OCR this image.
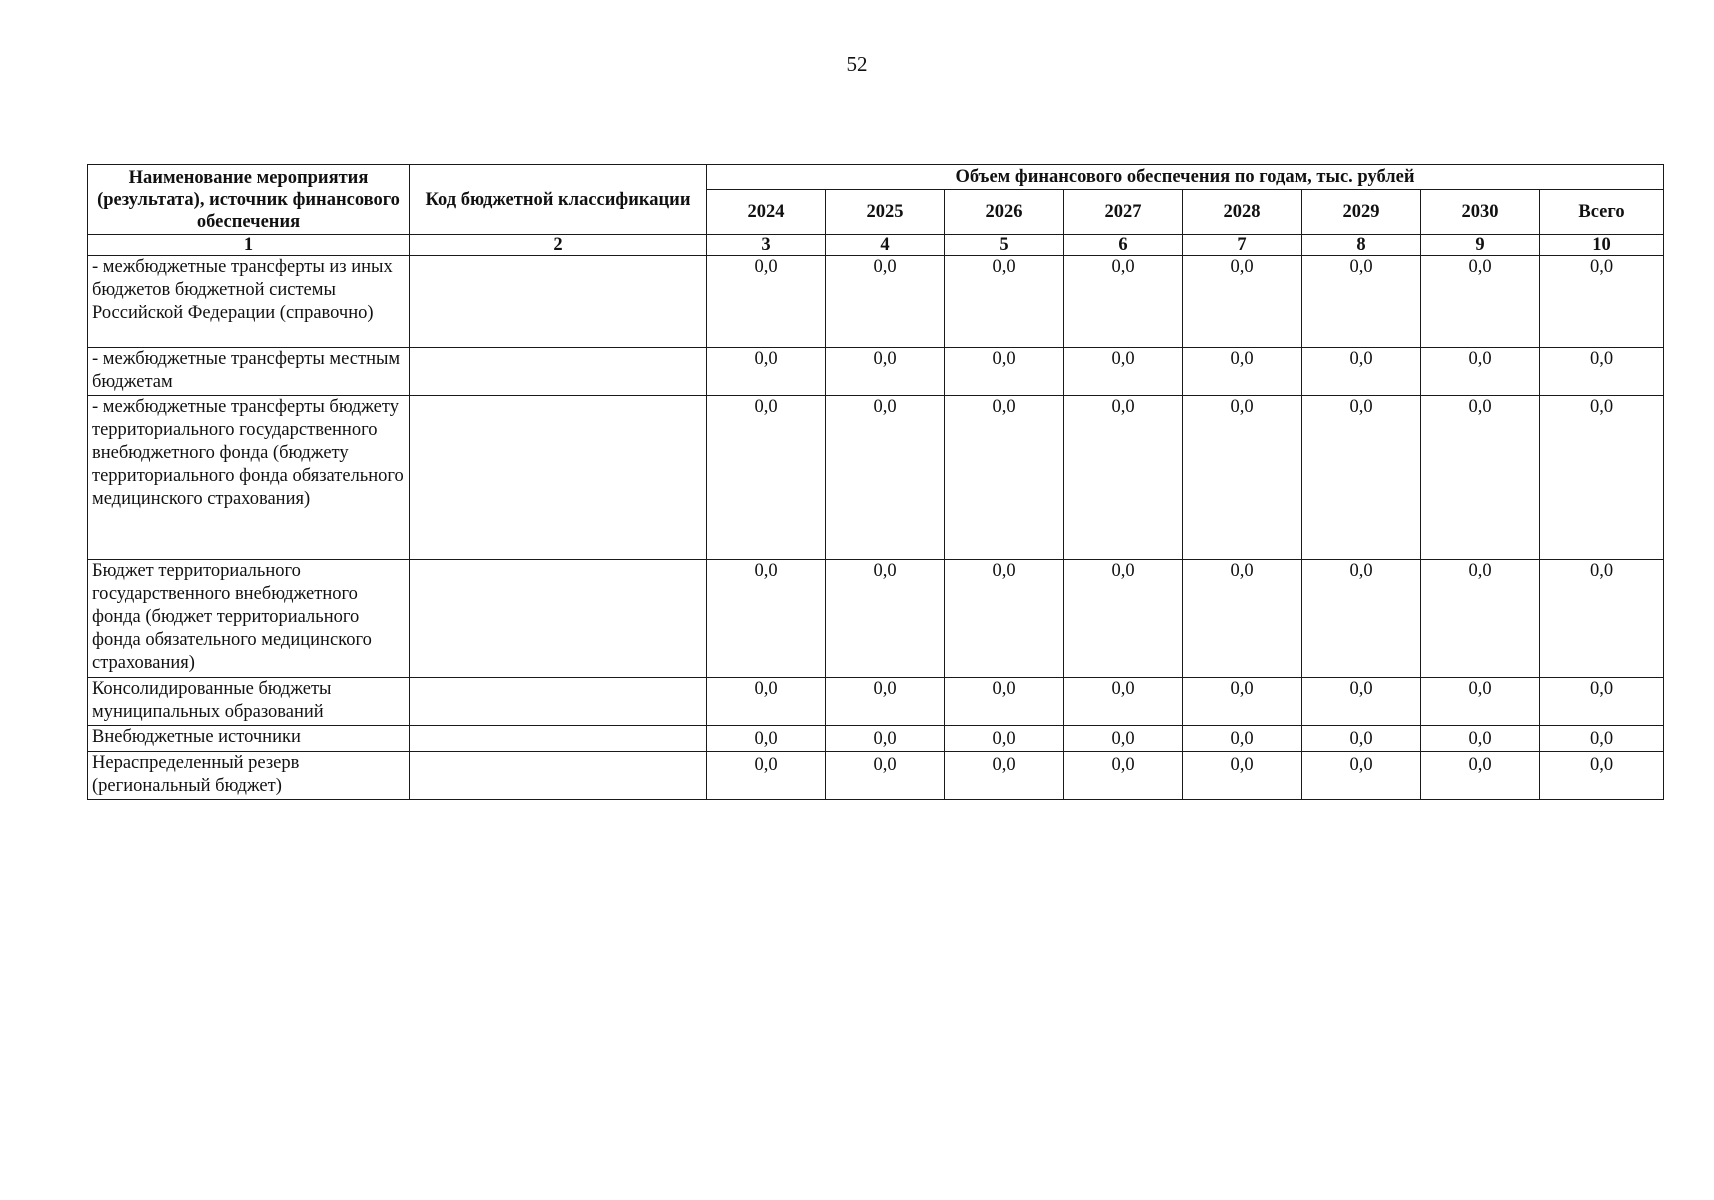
52
Наименование мероприятия (результата), источник финансового обеспечения	Код бюджетной классификации	Объем финансового обеспечения по годам, тыс. рублей							
		2024	2025	2026	2027	2028	2029	2030	Всего
1	2	3	4	5	6	7	8	9	10
- межбюджетные трансферты из иных бюджетов бюджетной системы Российской Федерации (справочно)		0,0	0,0	0,0	0,0	0,0	0,0	0,0	0,0
- межбюджетные трансферты местным бюджетам		0,0	0,0	0,0	0,0	0,0	0,0	0,0	0,0
- межбюджетные трансферты бюджету территориального государственного внебюджетного фонда (бюджету территориального фонда обязательного медицинского страхования)		0,0	0,0	0,0	0,0	0,0	0,0	0,0	0,0
Бюджет территориального государственного внебюджетного фонда (бюджет территориального фонда обязательного медицинского страхования)		0,0	0,0	0,0	0,0	0,0	0,0	0,0	0,0
Консолидированные бюджеты муниципальных образований		0,0	0,0	0,0	0,0	0,0	0,0	0,0	0,0
Внебюджетные источники		0,0	0,0	0,0	0,0	0,0	0,0	0,0	0,0
Нераспределенный резерв (региональный бюджет)		0,0	0,0	0,0	0,0	0,0	0,0	0,0	0,0
